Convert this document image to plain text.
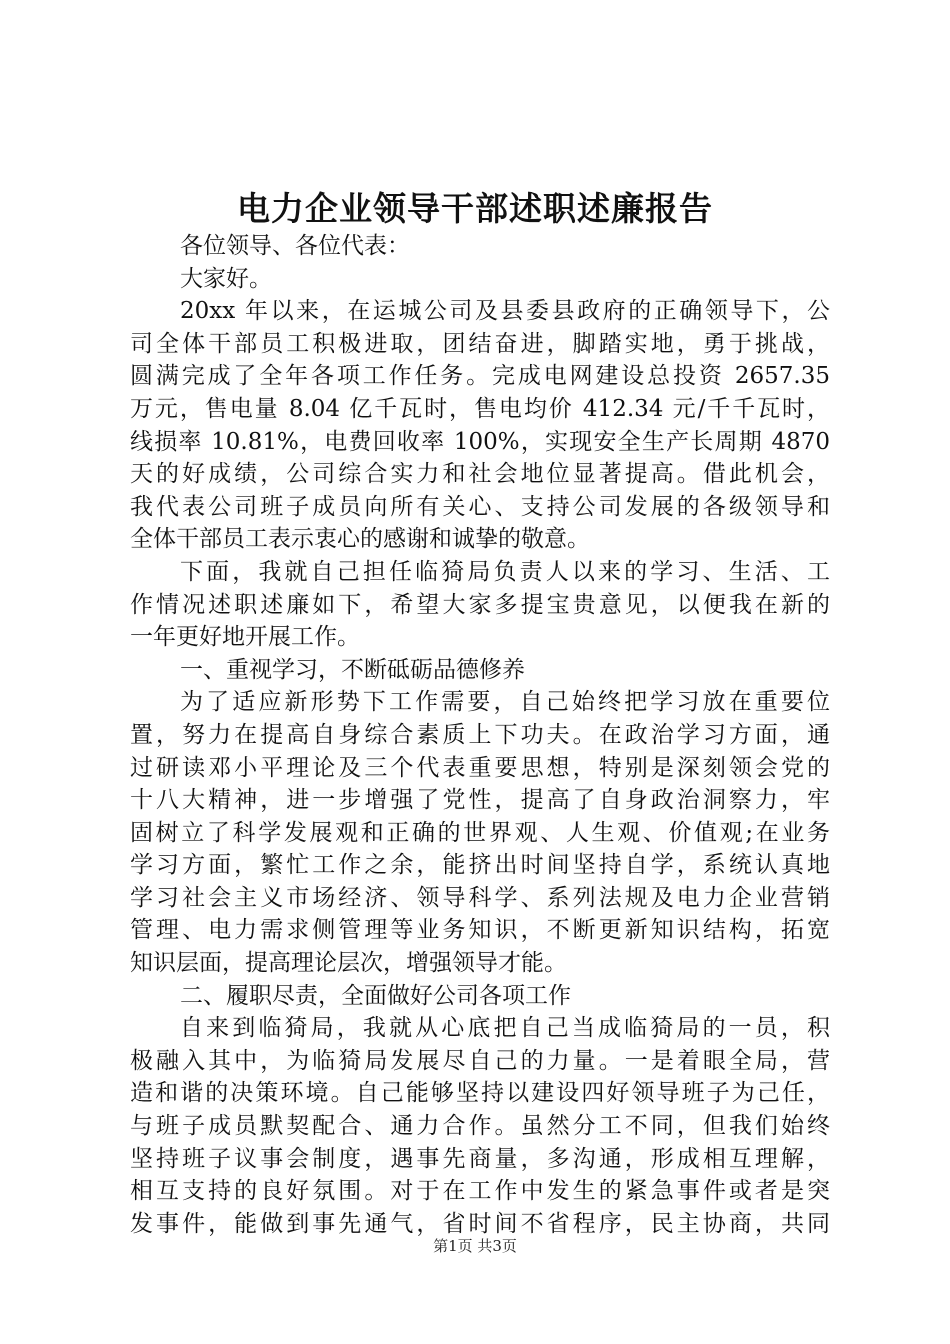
电力企业领导干部述职述廉报告
各位领导、各位代表：
大家好。
20xx 年以来，在运城公司及县委县政府的正确领导下，公
司全体干部员工积极进取，团结奋进，脚踏实地，勇于挑战，
圆满完成了全年各项工作任务。完成电网建设总投资 2657.35
万元，售电量 8.04 亿千瓦时，售电均价 412.34 元/千千瓦时，
线损率 10.81%，电费回收率 100%，实现安全生产长周期 4870
天的好成绩，公司综合实力和社会地位显著提高。借此机会，
我代表公司班子成员向所有关心、支持公司发展的各级领导和
全体干部员工表示衷心的感谢和诚挚的敬意。
下面，我就自己担任临猗局负责人以来的学习、生活、工
作情况述职述廉如下，希望大家多提宝贵意见，以便我在新的
一年更好地开展工作。
一、重视学习，不断砥砺品德修养
为了适应新形势下工作需要，自己始终把学习放在重要位
置，努力在提高自身综合素质上下功夫。在政治学习方面，通
过研读邓小平理论及三个代表重要思想，特别是深刻领会党的
十八大精神，进一步增强了党性，提高了自身政治洞察力，牢
固树立了科学发展观和正确的世界观、人生观、价值观;在业务
学习方面，繁忙工作之余，能挤出时间坚持自学，系统认真地
学习社会主义市场经济、领导科学、系列法规及电力企业营销
管理、电力需求侧管理等业务知识，不断更新知识结构，拓宽
知识层面，提高理论层次，增强领导才能。
二、履职尽责，全面做好公司各项工作
自来到临猗局，我就从心底把自己当成临猗局的一员，积
极融入其中，为临猗局发展尽自己的力量。一是着眼全局，营
造和谐的决策环境。自己能够坚持以建设四好领导班子为己任，
与班子成员默契配合、通力合作。虽然分工不同，但我们始终
坚持班子议事会制度，遇事先商量，多沟通，形成相互理解，
相互支持的良好氛围。对于在工作中发生的紧急事件或者是突
发事件，能做到事先通气，省时间不省程序，民主协商，共同
第1页 共3页
